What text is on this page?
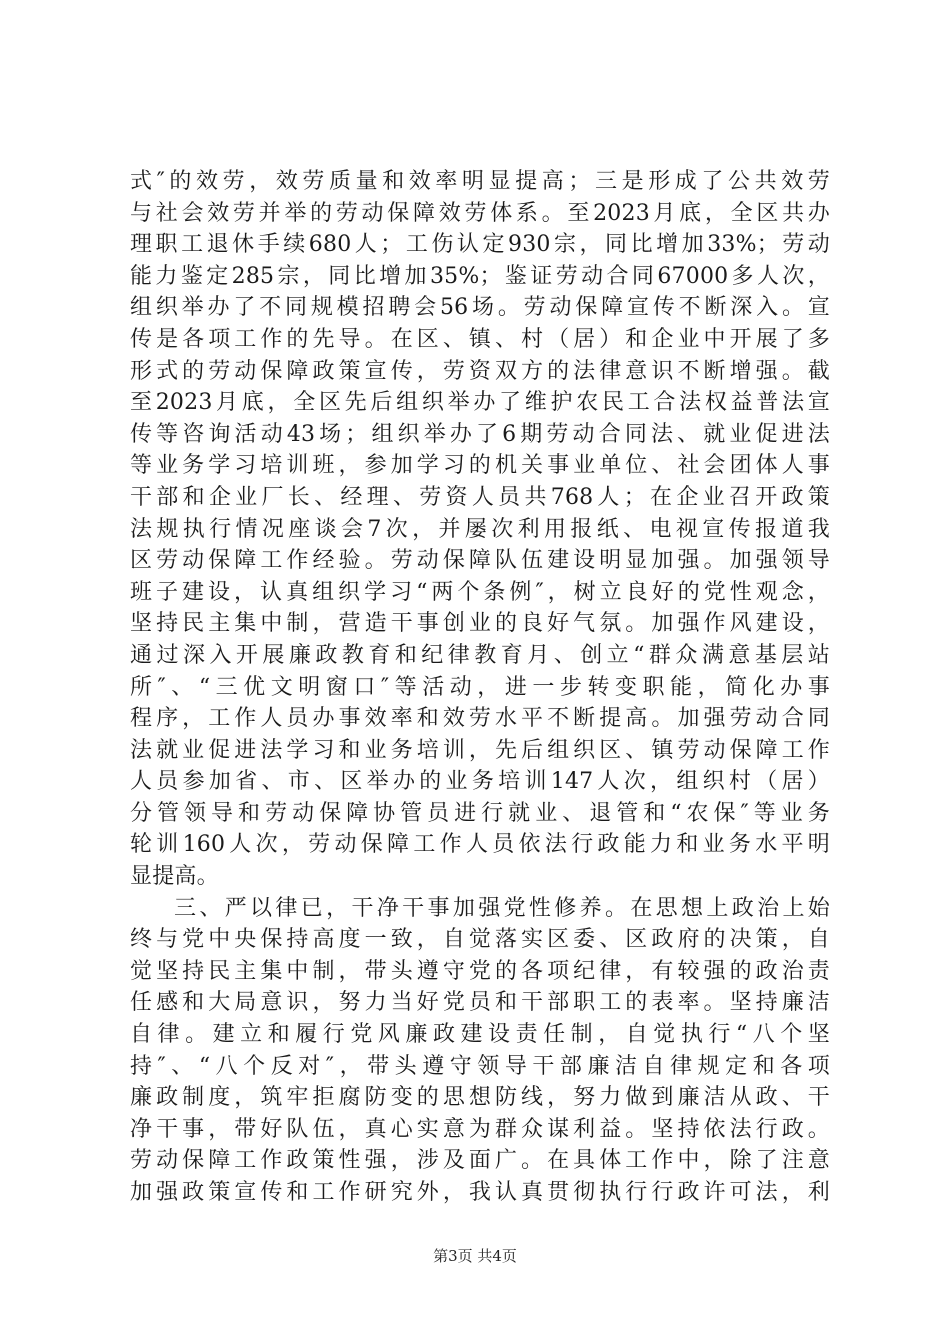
式″的效劳，效劳质量和效率明显提高；三是形成了公共效劳
与社会效劳并举的劳动保障效劳体系。至2023月底，全区共办
理职工退休手续680人；工伤认定930宗，同比增加33%；劳动
能力鉴定285宗，同比增加35%；鉴证劳动合同67000多人次，
组织举办了不同规模招聘会56场。劳动保障宣传不断深入。宣
传是各项工作的先导。在区、镇、村（居）和企业中开展了多
形式的劳动保障政策宣传，劳资双方的法律意识不断增强。截
至2023月底，全区先后组织举办了维护农民工合法权益普法宣
传等咨询活动43场；组织举办了6期劳动合同法、就业促进法
等业务学习培训班，参加学习的机关事业单位、社会团体人事
干部和企业厂长、经理、劳资人员共768人；在企业召开政策
法规执行情况座谈会7次，并屡次利用报纸、电视宣传报道我
区劳动保障工作经验。劳动保障队伍建设明显加强。加强领导
班子建设，认真组织学习“两个条例″，树立良好的党性观念，
坚持民主集中制，营造干事创业的良好气氛。加强作风建设，
通过深入开展廉政教育和纪律教育月、创立“群众满意基层站
所″、“三优文明窗口″等活动，进一步转变职能，简化办事
程序，工作人员办事效率和效劳水平不断提高。加强劳动合同
法就业促进法学习和业务培训，先后组织区、镇劳动保障工作
人员参加省、市、区举办的业务培训147人次，组织村（居）
分管领导和劳动保障协管员进行就业、退管和“农保″等业务
轮训160人次，劳动保障工作人员依法行政能力和业务水平明
显提高。
三、严以律已，干净干事加强党性修养。在思想上政治上始
终与党中央保持高度一致，自觉落实区委、区政府的决策，自
觉坚持民主集中制，带头遵守党的各项纪律，有较强的政治责
任感和大局意识，努力当好党员和干部职工的表率。坚持廉洁
自律。建立和履行党风廉政建设责任制，自觉执行“八个坚
持″、“八个反对″，带头遵守领导干部廉洁自律规定和各项
廉政制度，筑牢拒腐防变的思想防线，努力做到廉洁从政、干
净干事，带好队伍，真心实意为群众谋利益。坚持依法行政。
劳动保障工作政策性强，涉及面广。在具体工作中，除了注意
加强政策宣传和工作研究外，我认真贯彻执行行政许可法，利
第3页 共4页
